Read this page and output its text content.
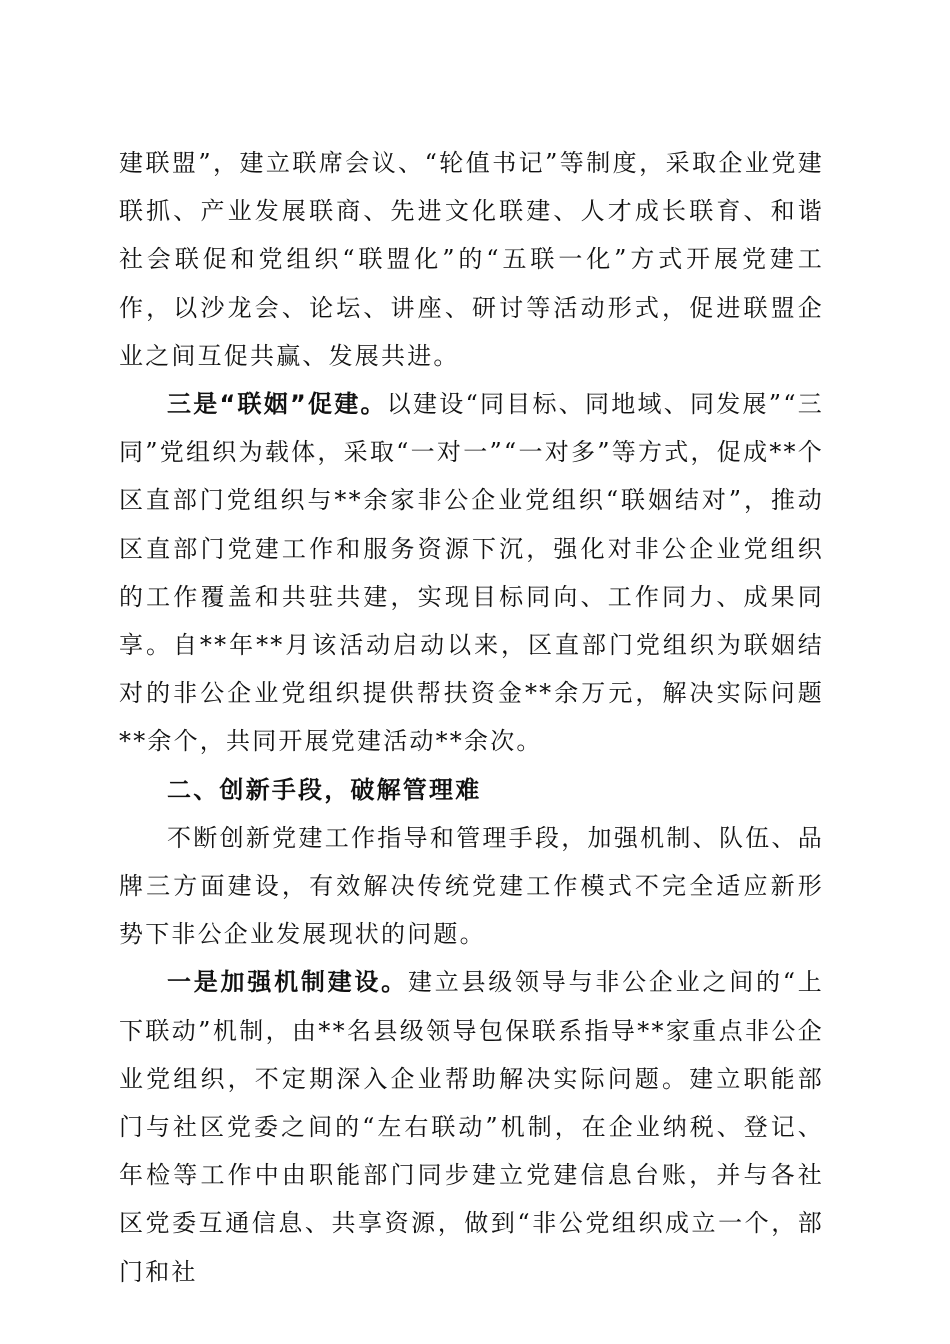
建联盟”，建立联席会议、“轮值书记”等制度，采取企业党建联抓、产业发展联商、先进文化联建、人才成长联育、和谐社会联促和党组织“联盟化”的“五联一化”方式开展党建工作，以沙龙会、论坛、讲座、研讨等活动形式，促进联盟企业之间互促共赢、发展共进。

三是“联姻”促建。以建设“同目标、同地域、同发展”“三同”党组织为载体，采取“一对一”“一对多”等方式，促成**个区直部门党组织与**余家非公企业党组织“联姻结对”，推动区直部门党建工作和服务资源下沉，强化对非公企业党组织的工作覆盖和共驻共建，实现目标同向、工作同力、成果同享。自**年**月该活动启动以来，区直部门党组织为联姻结对的非公企业党组织提供帮扶资金**余万元，解决实际问题**余个，共同开展党建活动**余次。

二、创新手段，破解管理难

不断创新党建工作指导和管理手段，加强机制、队伍、品牌三方面建设，有效解决传统党建工作模式不完全适应新形势下非公企业发展现状的问题。

一是加强机制建设。建立县级领导与非公企业之间的“上下联动”机制，由**名县级领导包保联系指导**家重点非公企业党组织，不定期深入企业帮助解决实际问题。建立职能部门与社区党委之间的“左右联动”机制，在企业纳税、登记、年检等工作中由职能部门同步建立党建信息台账，并与各社区党委互通信息、共享资源，做到“非公党组织成立一个，部门和社
